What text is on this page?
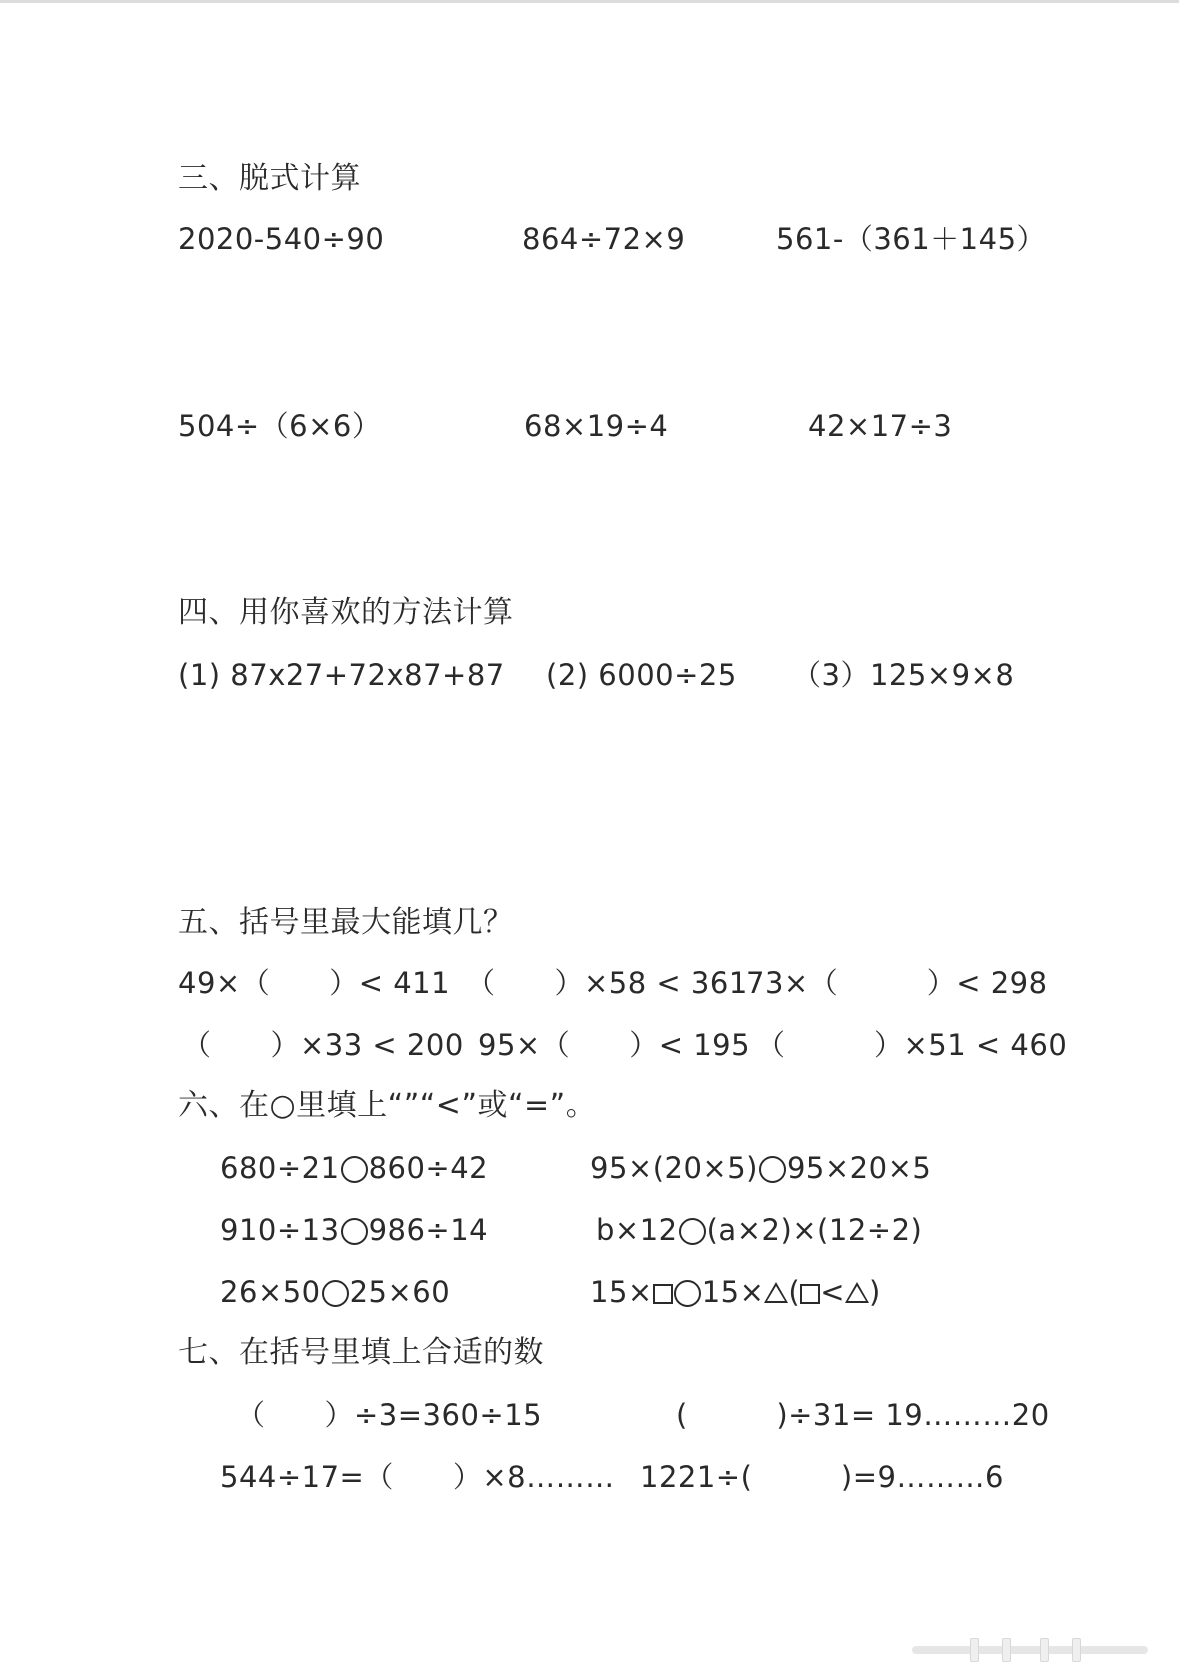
三、脱式计算
2020-540÷90	864÷72×9	561-（361＋145）
504÷（6×6）	68×19÷4	42×17÷3
四、用你喜欢的方法计算
(1) 87x27+72x87+87 (2) 6000÷25 （3）125×9×8
五、括号里最大能填几？
49×（　　）< 411 （　　）×58 < 361
73×（　　　）< 298
（　　）×33 < 200 95×（　　）< 195 （　　　）×51 < 460
六、在○里填上“”“<”或“=”。
680÷21 860÷42	95×(20×5) 95×20×5
910÷13 986÷14	b×12 (a×2)×(12÷2)
26×50 25×60	15× 15× ( < )
七、在括号里填上合适的数
（　　）÷3=360÷15	(　　　)÷31= 19………20
544÷17=（　　）×8……… 1221÷(　　　)=9………6
